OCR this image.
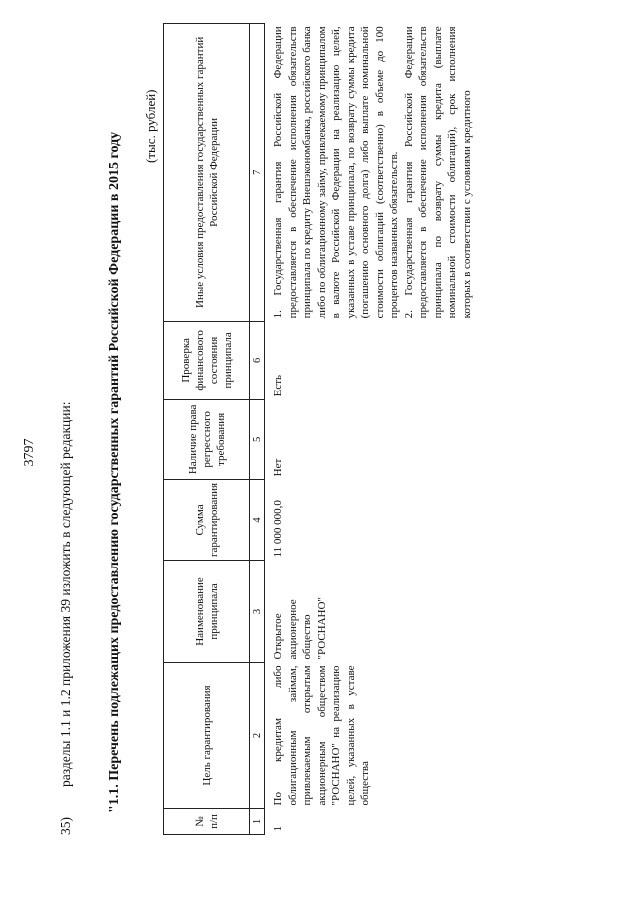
3797
35)разделы 1.1 и 1.2 приложения 39 изложить в следующей редакции: "1.1. Перечень подлежащих предоставлению государственных гарантий Российской Федерации в 2015 году
(тыс. рублей)
№ п/п	Цель гарантирования	Наименование принципала	Сумма гарантирования	Наличие права регрессного требования	Проверка финансового состояния принципала	Иные условия предоставления государственных гарантий Российской Федерации
1	2	3	4	5	6	7
1	По кредитам либо облигационным займам, привлекаемым открытым акционерным обществом "РОСНАНО" на реализацию целей, указанных в уставе общества	Открытое акционерное общество "РОСНАНО"	11 000 000,0	Нет	Есть	1. Государственная гарантия Российской Федерации предоставляется в обеспечение исполнения обязательств принципала по кредиту Внешэкономбанка, российского банка либо по облигационному займу, привлекаемому принципалом в валюте Российской Федерации на реализацию целей, указанных в уставе принципала, по возврату суммы кредита (погашению основного долга) либо выплате номинальной стоимости облигаций (соответственно) в объеме до 100 процентов названных обязательств. 2. Государственная гарантия Российской Федерации предоставляется в обеспечение исполнения обязательств принципала по возврату суммы кредита (выплате номинальной стоимости облигаций), срок исполнения которых в соответствии с условиями кредитного
